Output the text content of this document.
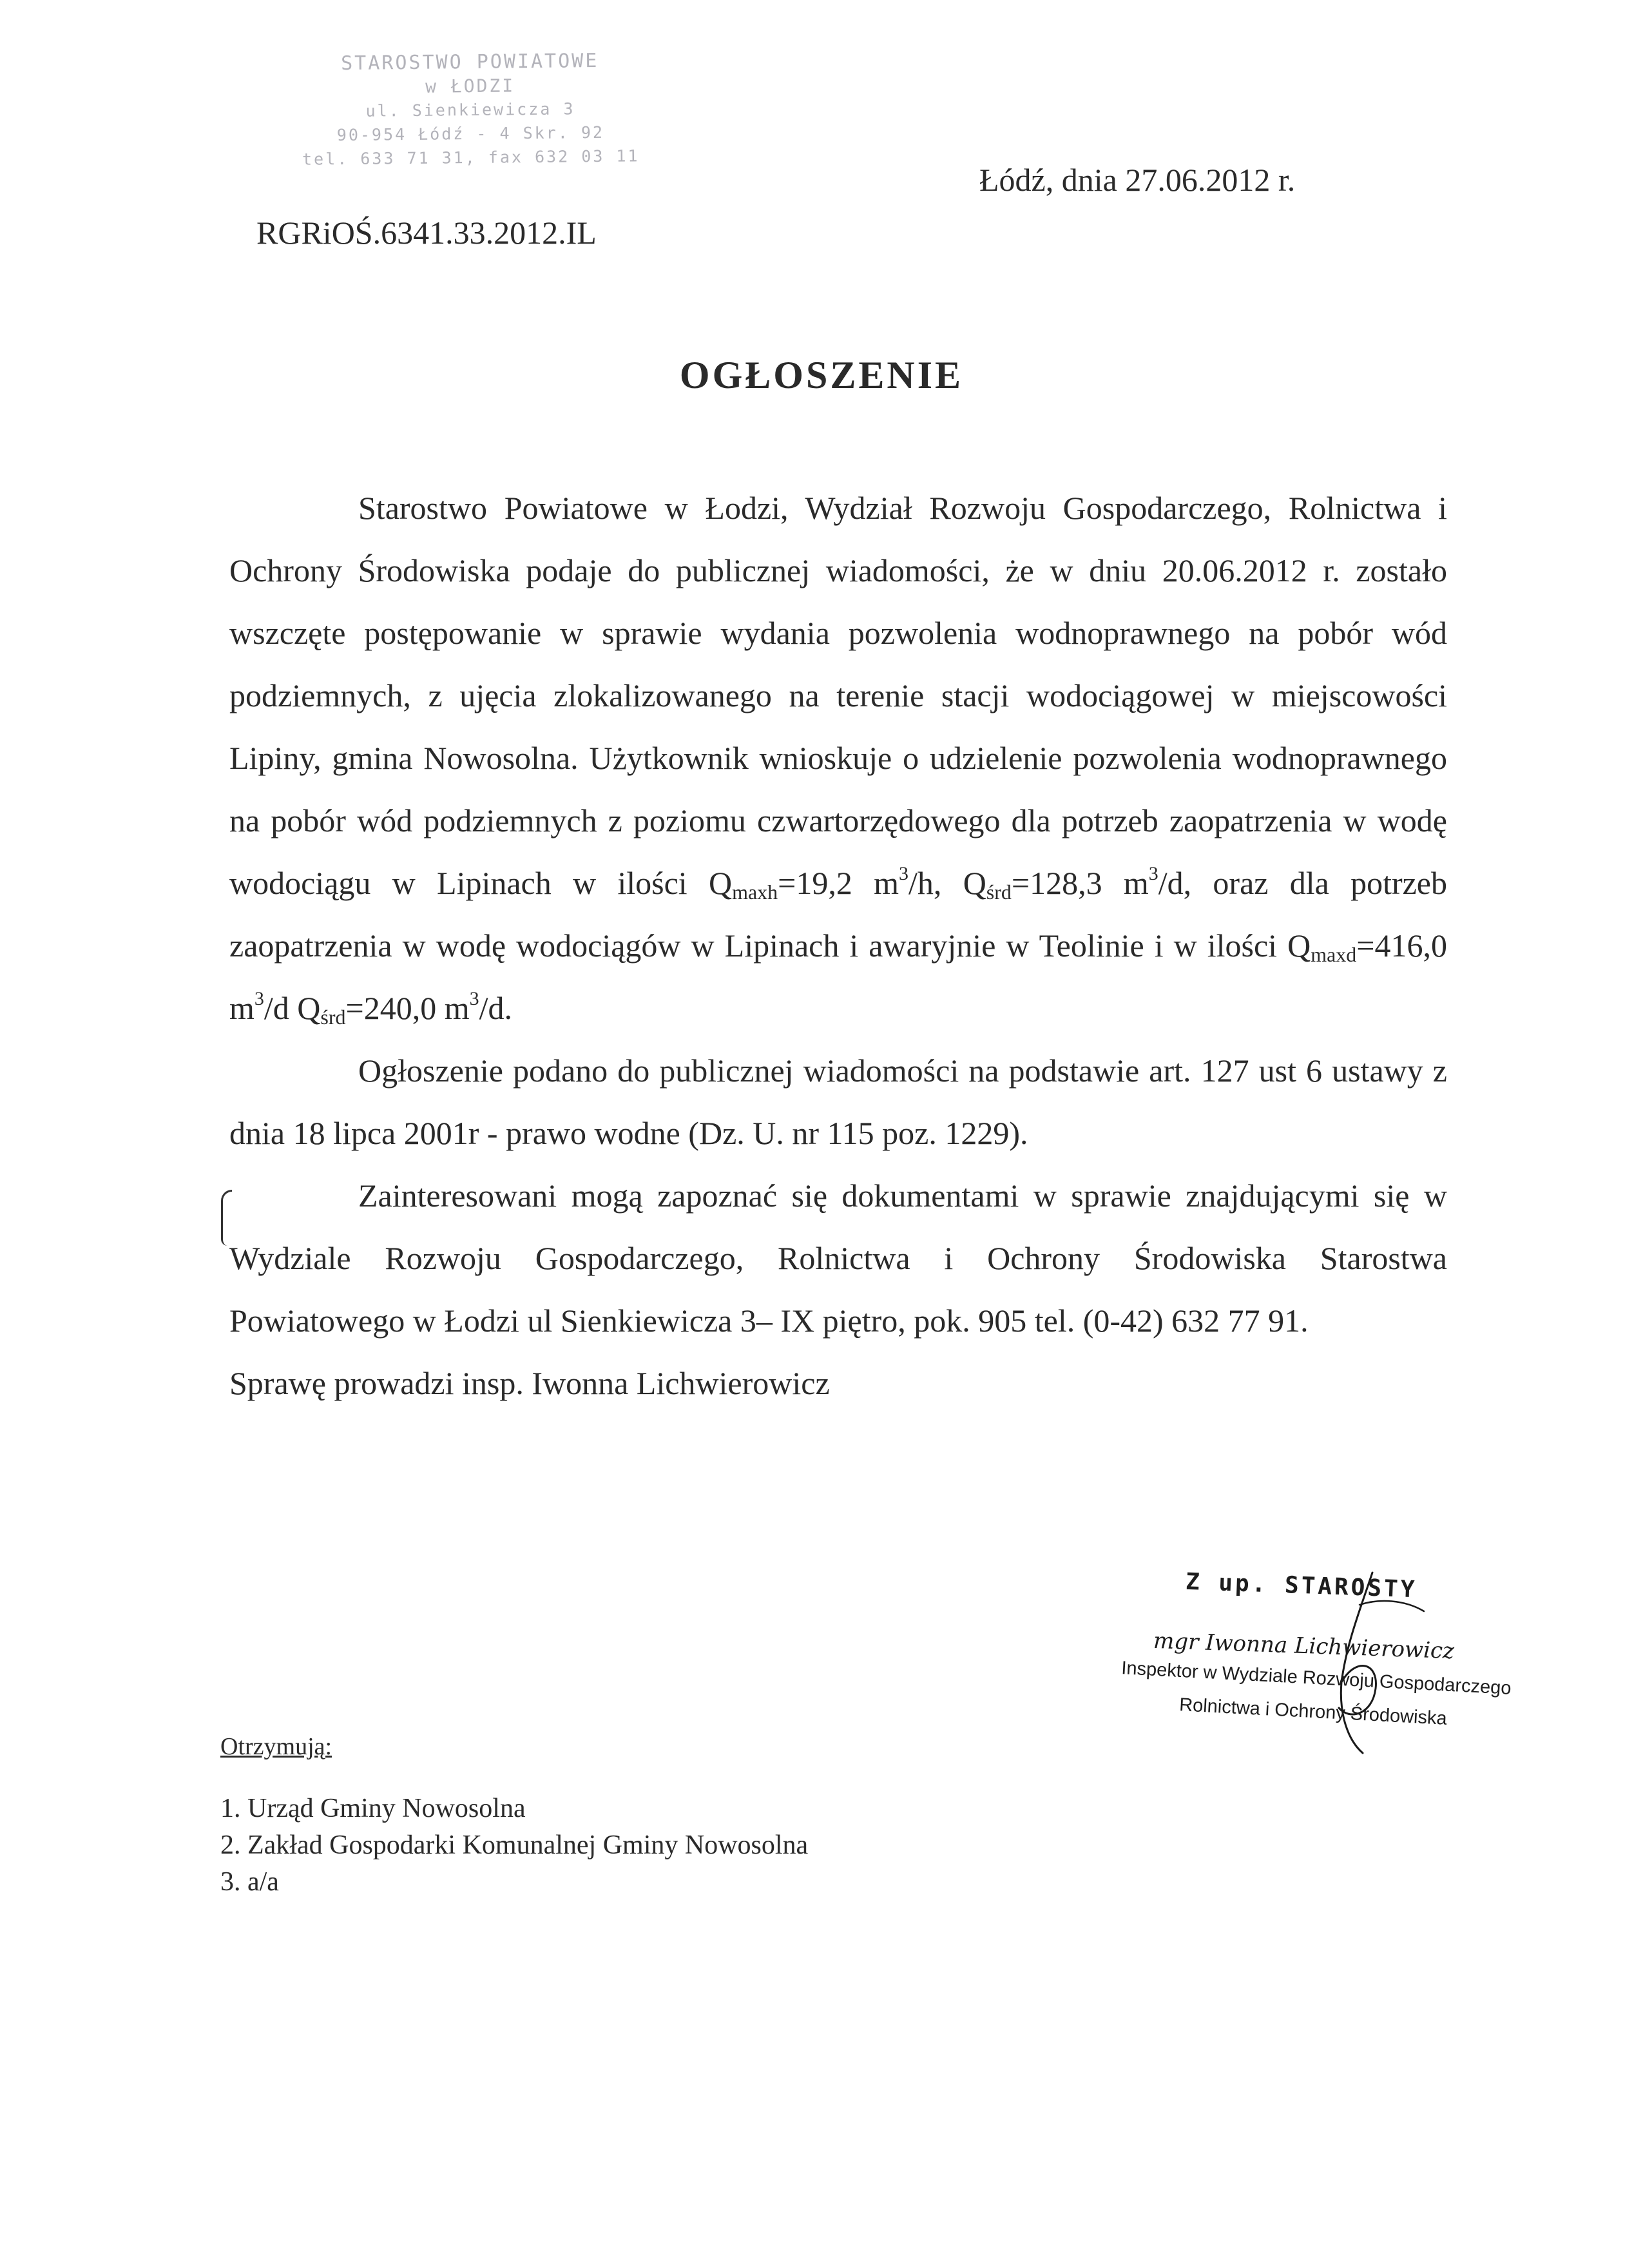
STAROSTWO POWIATOWE
w ŁODZI
ul. Sienkiewicza 3
90-954 Łódź - 4 Skr. 92
tel. 633 71 31, fax 632 03 11
RGRiOŚ.6341.33.2012.IL
Łódź, dnia 27.06.2012 r.
OGŁOSZENIE

Starostwo Powiatowe w Łodzi, Wydział Rozwoju Gospodarczego, Rolnictwa i Ochrony Środowiska podaje do publicznej wiadomości, że w dniu 20.06.2012 r. zostało wszczęte postępowanie w sprawie wydania pozwolenia wodnoprawnego na pobór wód podziemnych, z ujęcia zlokalizowanego na terenie stacji wodociągowej w miejscowości Lipiny, gmina Nowosolna. Użytkownik wnioskuje o udzielenie pozwolenia wodnoprawnego na pobór wód podziemnych z poziomu czwartorzędowego dla potrzeb zaopatrzenia w wodę wodociągu w Lipinach w ilości $Q_{maxh}=19,2$ $m^3/h$, $Q_{śrd}=128,3$ $m^3/d$, oraz dla potrzeb zaopatrzenia w wodę wodociągów w Lipinach i awaryjnie w Teolinie i w ilości $Q_{maxd}=416,0$ $m^3/d$ $Q_{śrd}=240,0$ $m^3/d$.

Ogłoszenie podano do publicznej wiadomości na podstawie art. 127 ust 6 ustawy z dnia 18 lipca 2001r - prawo wodne (Dz. U. nr 115 poz. 1229).

Zainteresowani mogą zapoznać się dokumentami w sprawie znajdującymi się w Wydziale Rozwoju Gospodarczego, Rolnictwa i Ochrony Środowiska Starostwa Powiatowego w Łodzi ul Sienkiewicza 3– IX piętro, pok. 905 tel. (0-42) 632 77 91.

Sprawę prowadzi insp. Iwonna Lichwierowicz

Z up. STAROSTY
mgr Iwonna Lichwierowicz
Inspektor w Wydziale Rozwoju Gospodarczego
Rolnictwa i Ochrony Środowiska
Otrzymują:
1. Urząd Gminy Nowosolna
2. Zakład Gospodarki Komunalnej Gminy Nowosolna
3. a/a
